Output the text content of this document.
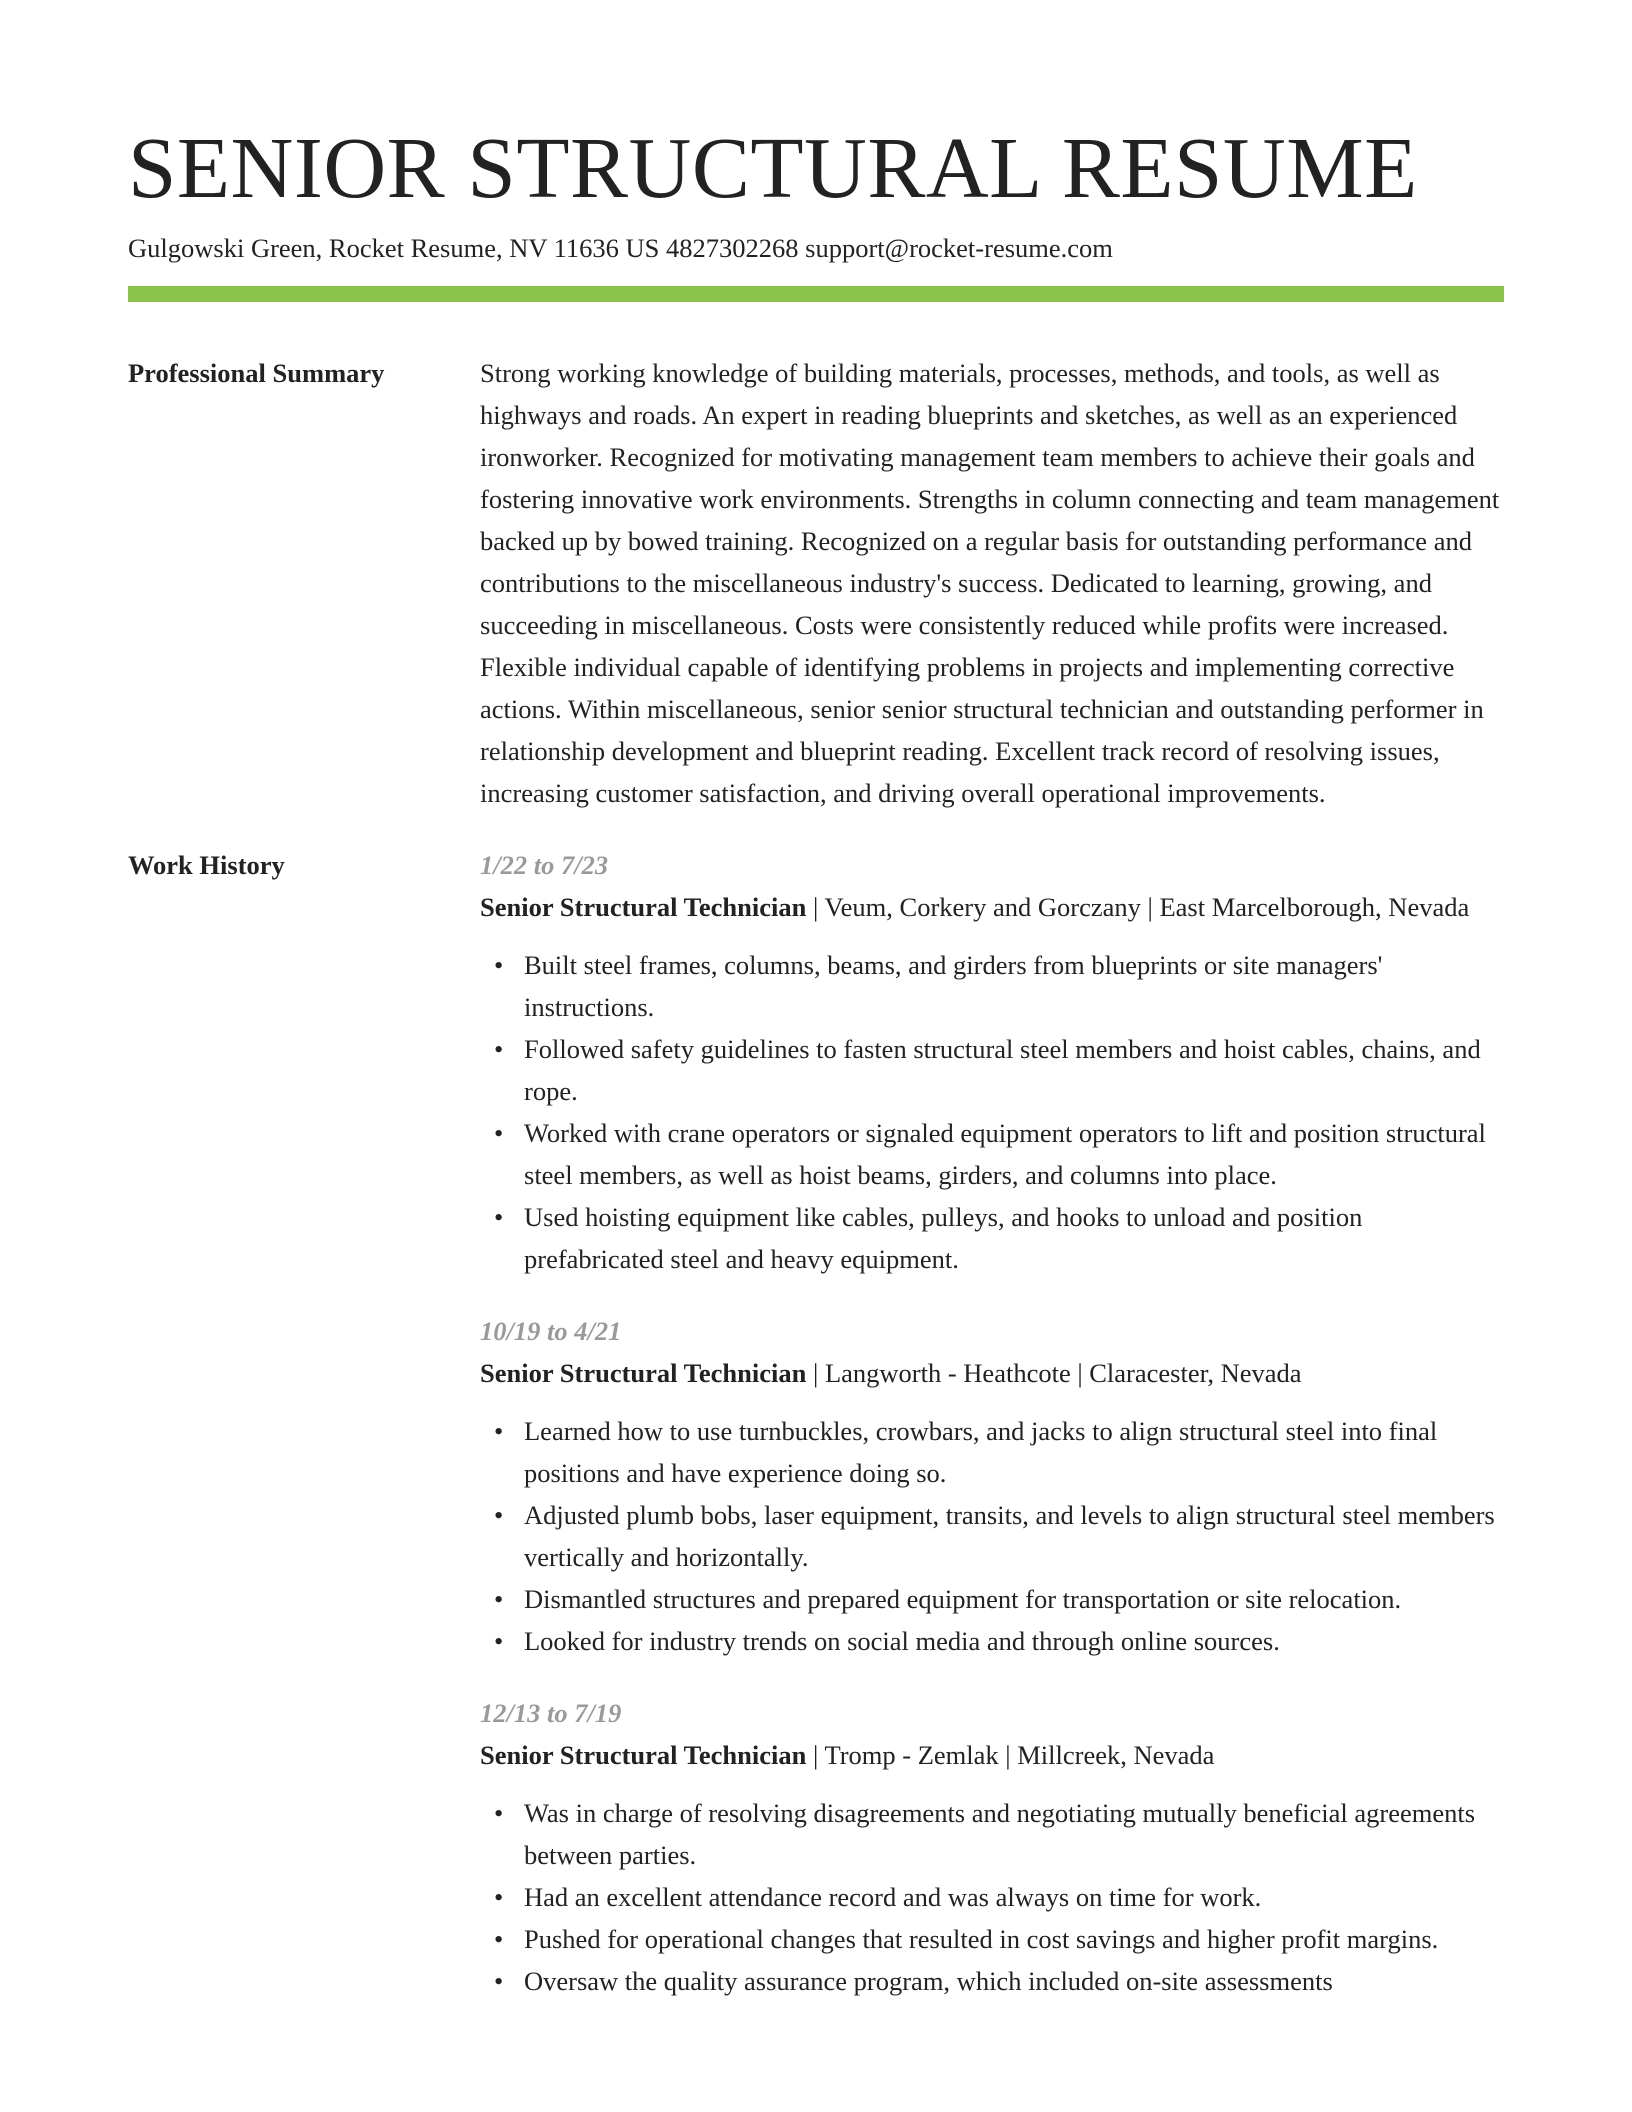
SENIOR STRUCTURAL RESUME
Gulgowski Green, Rocket Resume, NV 11636 US 4827302268 support@rocket-resume.com
Professional Summary	Strong working knowledge of building materials, processes, methods, and tools, as well as highways and roads. An expert in reading blueprints and sketches, as well as an experienced ironworker. Recognized for motivating management team members to achieve their goals and fostering innovative work environments. Strengths in column connecting and team management backed up by bowed training. Recognized on a regular basis for outstanding performance and contributions to the miscellaneous industry's success. Dedicated to learning, growing, and succeeding in miscellaneous. Costs were consistently reduced while profits were increased. Flexible individual capable of identifying problems in projects and implementing corrective actions. Within miscellaneous, senior senior structural technician and outstanding performer in relationship development and blueprint reading. Excellent track record of resolving issues, increasing customer satisfaction, and driving overall operational improvements.

Work History	1/22 to 7/23
Senior Structural Technician | Veum, Corkery and Gorczany | East Marcelborough, Nevada
• Built steel frames, columns, beams, and girders from blueprints or site managers' instructions.
• Followed safety guidelines to fasten structural steel members and hoist cables, chains, and rope.
• Worked with crane operators or signaled equipment operators to lift and position structural steel members, as well as hoist beams, girders, and columns into place.
• Used hoisting equipment like cables, pulleys, and hooks to unload and position prefabricated steel and heavy equipment.
10/19 to 4/21
Senior Structural Technician | Langworth - Heathcote | Claracester, Nevada
• Learned how to use turnbuckles, crowbars, and jacks to align structural steel into final positions and have experience doing so.
• Adjusted plumb bobs, laser equipment, transits, and levels to align structural steel members vertically and horizontally.
• Dismantled structures and prepared equipment for transportation or site relocation.
• Looked for industry trends on social media and through online sources.
12/13 to 7/19
Senior Structural Technician | Tromp - Zemlak | Millcreek, Nevada
• Was in charge of resolving disagreements and negotiating mutually beneficial agreements between parties.
• Had an excellent attendance record and was always on time for work.
• Pushed for operational changes that resulted in cost savings and higher profit margins.
• Oversaw the quality assurance program, which included on-site assessments
